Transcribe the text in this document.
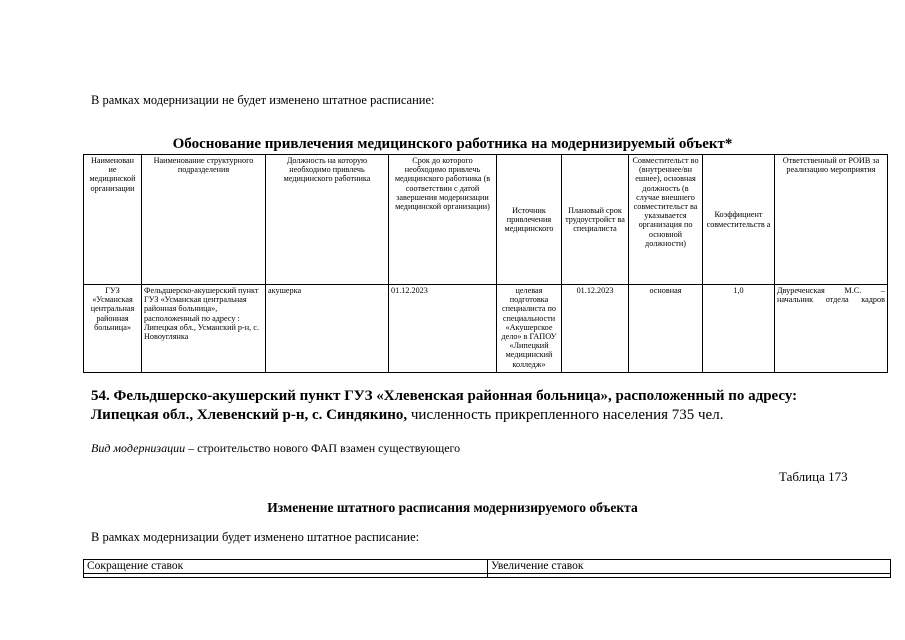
В рамках модернизации не будет изменено штатное расписание:
Обоснование привлечения медицинского работника на модернизируемый объект*
Наименован ие медицинской организации	Наименование структурного подразделения	Должность на которую необходимо привлечь медицинского работника	Срок до которого необходимо привлечь медицинского работника (в соответствии с датой завершения модернизации медицинской организации)	Источник привлечения медицинского	Плановый срок трудоустройст ва специалиста	Совместительст во (внутреннее/вн ешнее), основная должность (в случае внешнего совместительст ва указывается организация по основной должности)	Коэффициент совместительств а	Ответственный от РОИВ за реализацию мероприятия
ГУЗ «Усманская центральная районная больница»	Фельдшерско-акушерский пункт ГУЗ «Усманская центральная районная больница», расположенный по адресу : Липецкая обл., Усманский р-н, с. Новоуглянка	акушерка	01.12.2023	целевая подготовка специалиста по специальности «Акушерское дело» в ГАПОУ «Липецкий медицинский колледж»	01.12.2023	основная	1,0	Двуреченская М.С. – начальник отдела кадров
54. Фельдшерско-акушерский пункт ГУЗ «Хлевенская районная больница», расположенный по адресу: Липецкая обл., Хлевенский р-н, с. Синдякино, численность прикрепленного населения 735 чел.
Вид модернизации – строительство нового ФАП взамен существующего
Таблица 173
Изменение штатного расписания модернизируемого объекта
В рамках модернизации будет изменено штатное расписание:
Сокращение ставок	Увеличение ставок
